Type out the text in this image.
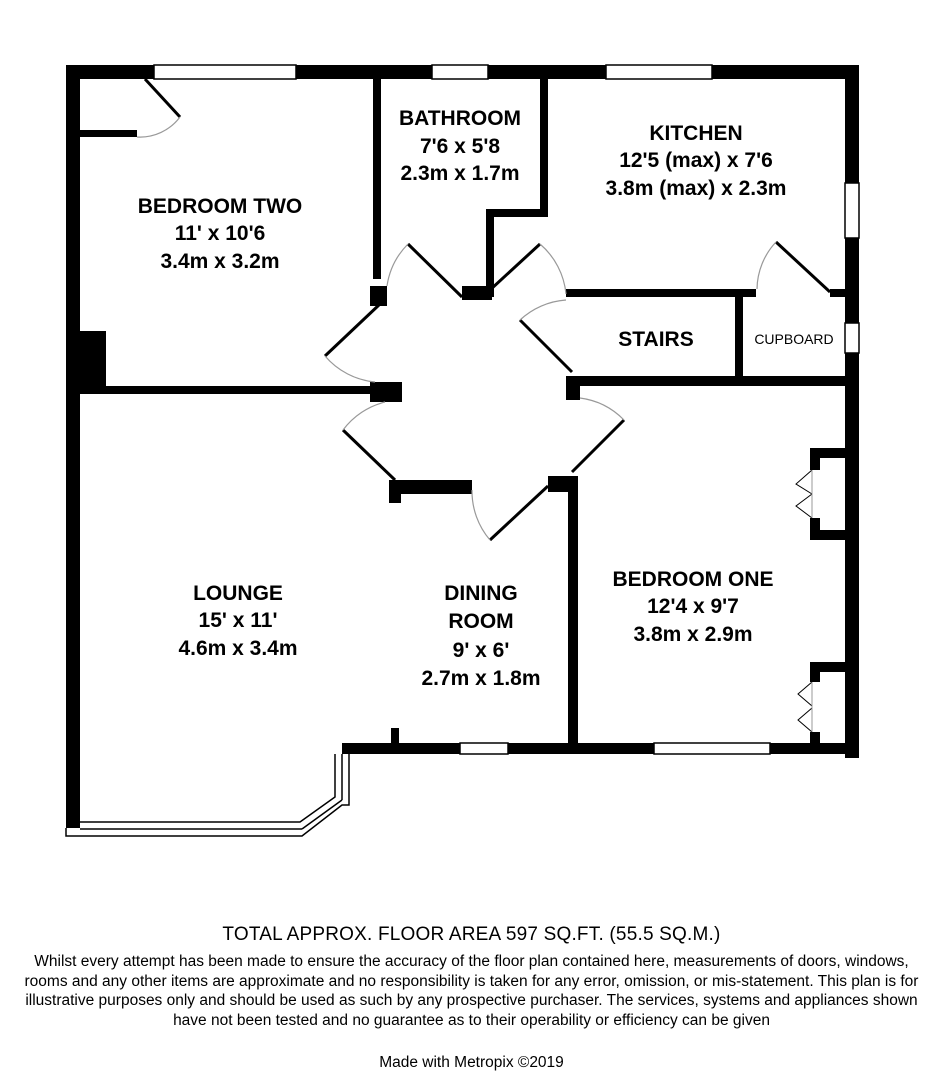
BEDROOM TWO
11' x 10'6
3.4m x 3.2m
BATHROOM
7'6 x 5'8
2.3m x 1.7m
KITCHEN
12'5 (max) x 7'6
3.8m (max) x 2.3m
STAIRS	CUPBOARD
LOUNGE
15' x 11'
4.6m x 3.4m
DINING
ROOM
9' x 6'
2.7m x 1.8m
BEDROOM ONE
12'4 x 9'7
3.8m x 2.9m
TOTAL APPROX. FLOOR AREA 597 SQ.FT. (55.5 SQ.M.)
Whilst every attempt has been made to ensure the accuracy of the floor plan contained here, measurements of doors, windows, rooms and any other items are approximate and no responsibility is taken for any error, omission, or mis-statement. This plan is for illustrative purposes only and should be used as such by any prospective purchaser. The services, systems and appliances shown have not been tested and no guarantee as to their operability or efficiency can be given
Made with Metropix ©2019
